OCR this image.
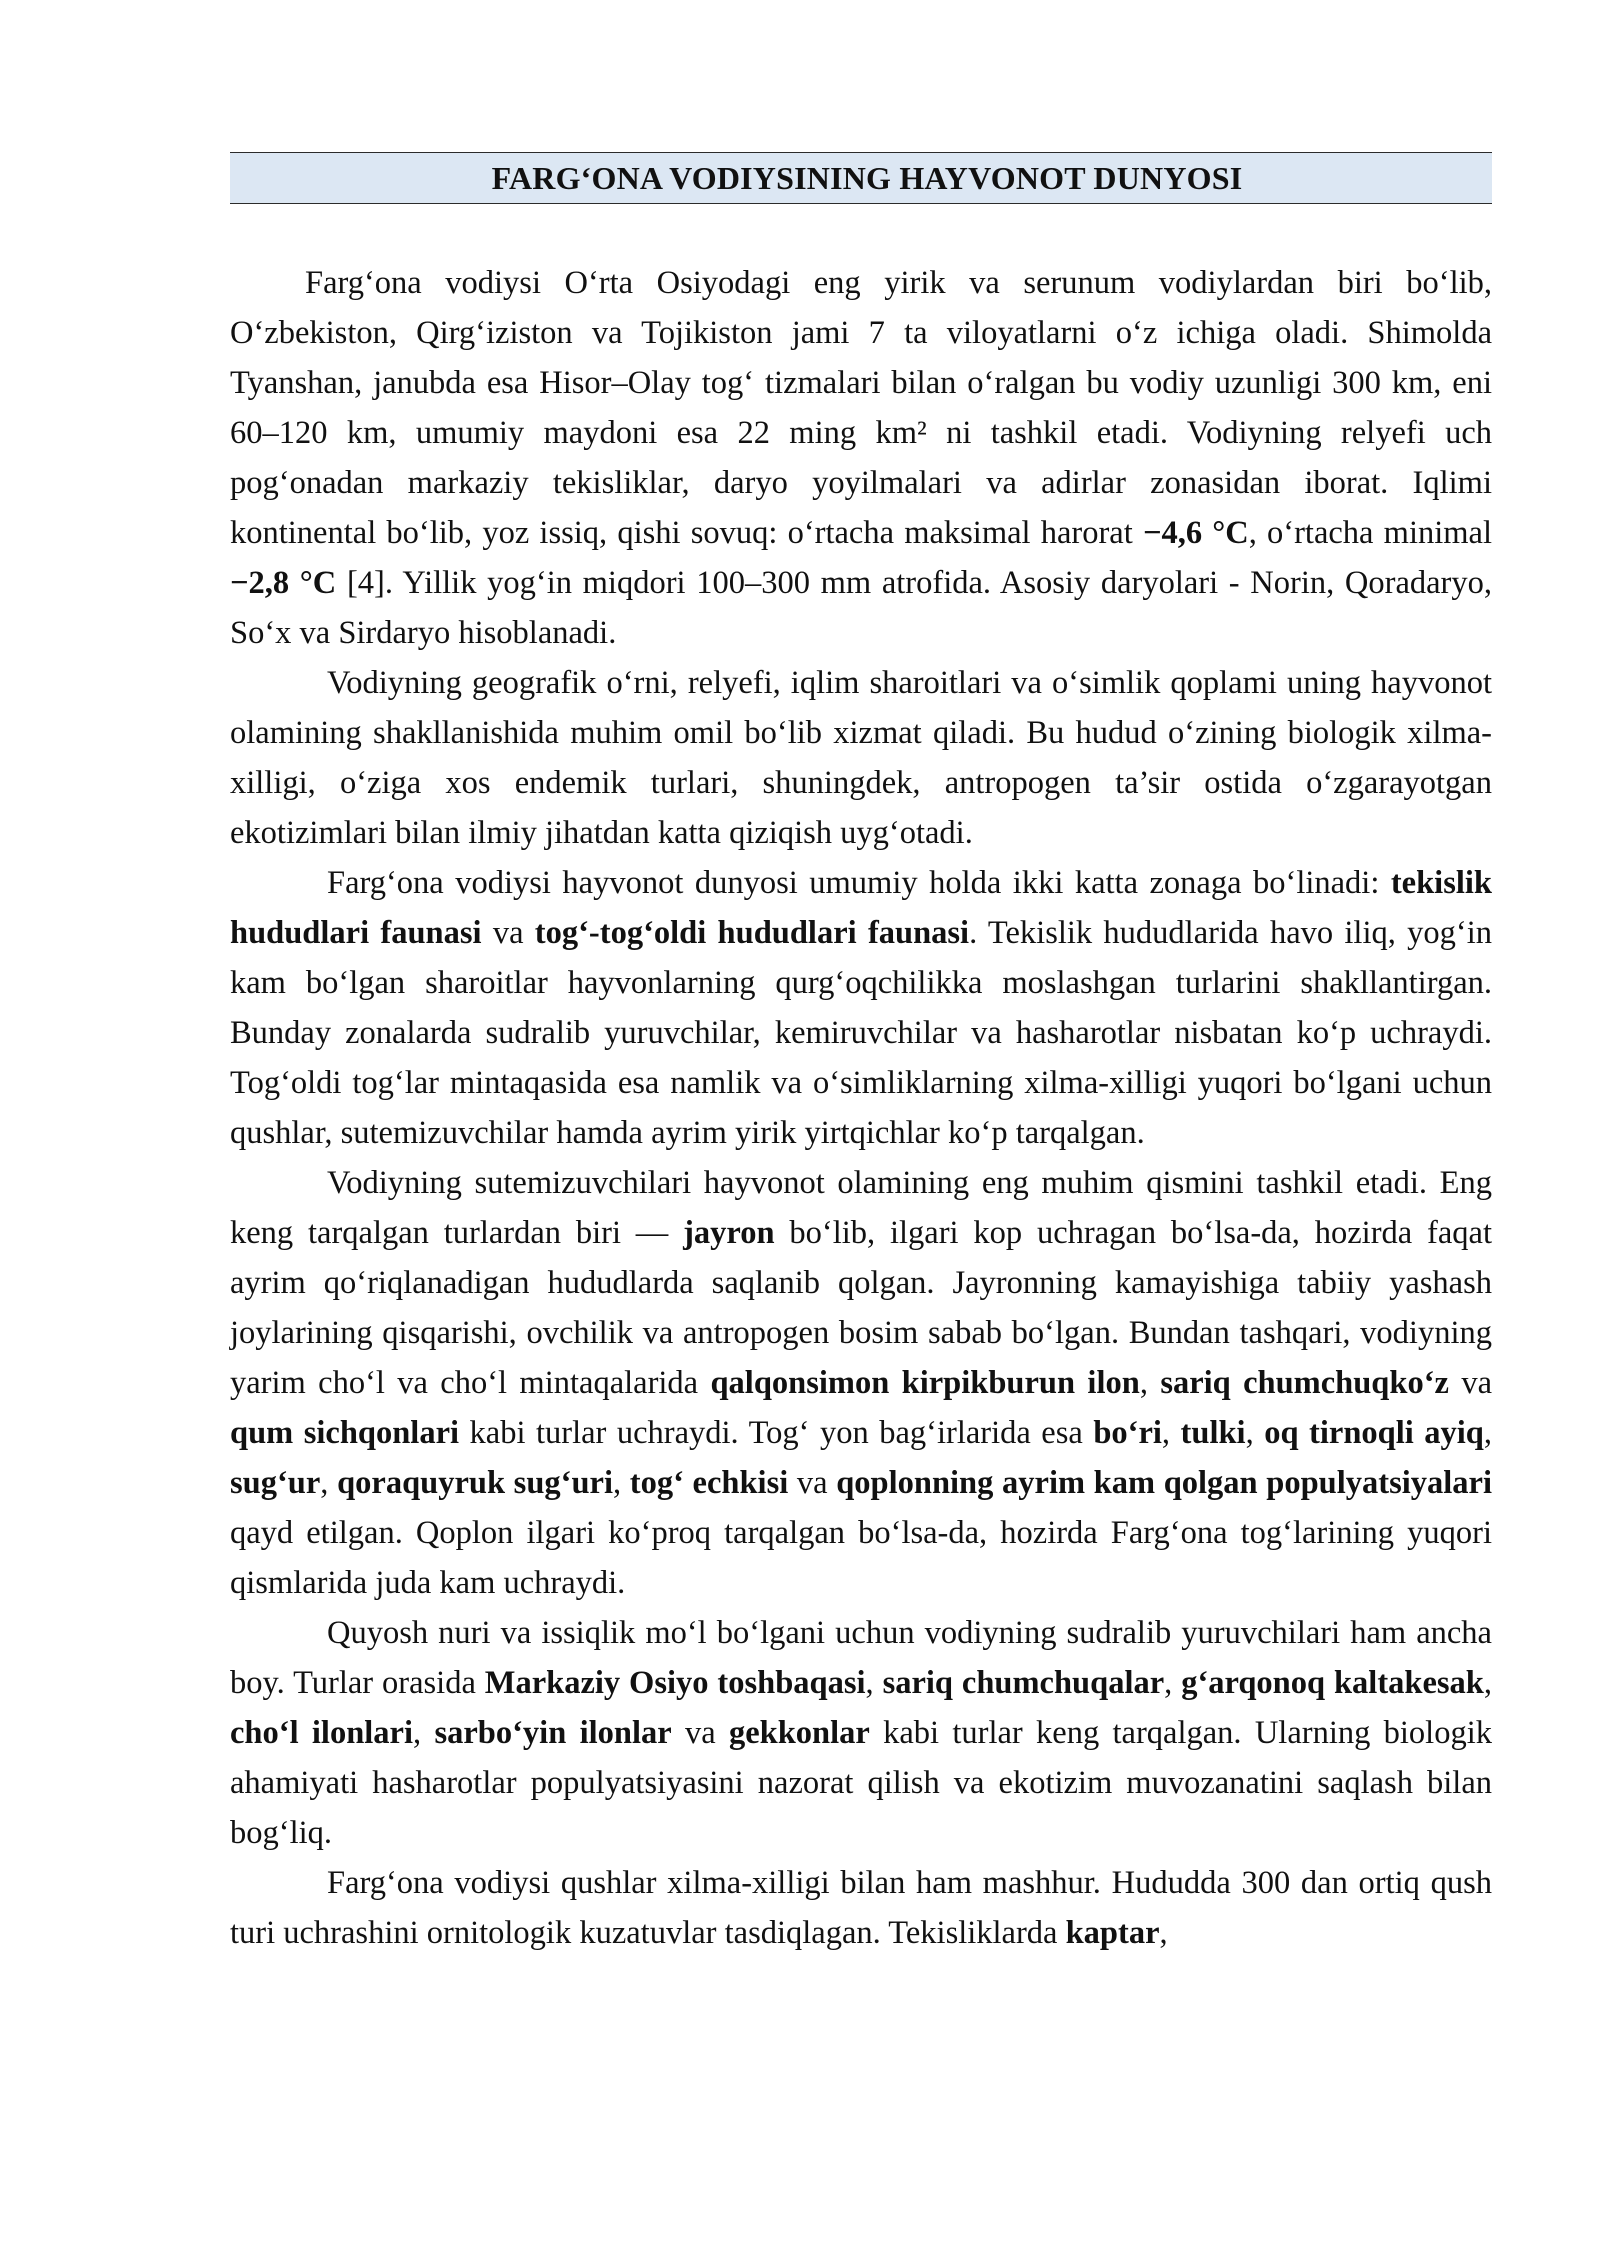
FARG‘ONA VODIYSINING HAYVONOT DUNYOSI

Farg‘ona vodiysi O‘rta Osiyodagi eng yirik va serunum vodiylardan biri bo‘lib, O‘zbekiston, Qirg‘iziston va Tojikiston jami 7 ta viloyatlarni o‘z ichiga oladi. Shimolda Tyanshan, janubda esa Hisor–Olay tog‘ tizmalari bilan o‘ralgan bu vodiy uzunligi 300 km, eni 60–120 km, umumiy maydoni esa 22 ming km² ni tashkil etadi. Vodiyning relyefi uch pog‘onadan markaziy tekisliklar, daryo yoyilmalari va adirlar zonasidan iborat. Iqlimi kontinental bo‘lib, yoz issiq, qishi sovuq: o‘rtacha maksimal harorat −4,6 °C, o‘rtacha minimal −2,8 °C [4]. Yillik yog‘in miqdori 100–300 mm atrofida. Asosiy daryolari - Norin, Qoradaryo, So‘x va Sirdaryo hisoblanadi.

Vodiyning geografik o‘rni, relyefi, iqlim sharoitlari va o‘simlik qoplami uning hayvonot olamining shakllanishida muhim omil bo‘lib xizmat qiladi. Bu hudud o‘zining biologik xilma-xilligi, o‘ziga xos endemik turlari, shuningdek, antropogen ta’sir ostida o‘zgarayotgan ekotizimlari bilan ilmiy jihatdan katta qiziqish uyg‘otadi.

Farg‘ona vodiysi hayvonot dunyosi umumiy holda ikki katta zonaga bo‘linadi: tekislik hududlari faunasi va tog‘-tog‘oldi hududlari faunasi. Tekislik hududlarida havo iliq, yog‘in kam bo‘lgan sharoitlar hayvonlarning qurg‘oqchilikka moslashgan turlarini shakllantirgan. Bunday zonalarda sudralib yuruvchilar, kemiruvchilar va hasharotlar nisbatan ko‘p uchraydi. Tog‘oldi tog‘lar mintaqasida esa namlik va o‘simliklarning xilma-xilligi yuqori bo‘lgani uchun qushlar, sutemizuvchilar hamda ayrim yirik yirtqichlar ko‘p tarqalgan.

Vodiyning sutemizuvchilari hayvonot olamining eng muhim qismini tashkil etadi. Eng keng tarqalgan turlardan biri — jayron bo‘lib, ilgari kop uchragan bo‘lsa-da, hozirda faqat ayrim qo‘riqlanadigan hududlarda saqlanib qolgan. Jayronning kamayishiga tabiiy yashash joylarining qisqarishi, ovchilik va antropogen bosim sabab bo‘lgan. Bundan tashqari, vodiyning yarim cho‘l va cho‘l mintaqalarida qalqonsimon kirpikburun ilon, sariq chumchuqko‘z va qum sichqonlari kabi turlar uchraydi. Tog‘ yon bag‘irlarida esa bo‘ri, tulki, oq tirnoqli ayiq, sug‘ur, qoraquyruk sug‘uri, tog‘ echkisi va qoplonning ayrim kam qolgan populyatsiyalari qayd etilgan. Qoplon ilgari ko‘proq tarqalgan bo‘lsa-da, hozirda Farg‘ona tog‘larining yuqori qismlarida juda kam uchraydi.

Quyosh nuri va issiqlik mo‘l bo‘lgani uchun vodiyning sudralib yuruvchilari ham ancha boy. Turlar orasida Markaziy Osiyo toshbaqasi, sariq chumchuqalar, g‘arqonoq kaltakesak, cho‘l ilonlari, sarbo‘yin ilonlar va gekkonlar kabi turlar keng tarqalgan. Ularning biologik ahamiyati hasharotlar populyatsiyasini nazorat qilish va ekotizim muvozanatini saqlash bilan bog‘liq.

Farg‘ona vodiysi qushlar xilma-xilligi bilan ham mashhur. Hududda 300 dan ortiq qush turi uchrashini ornitologik kuzatuvlar tasdiqlagan. Tekisliklarda kaptar,
